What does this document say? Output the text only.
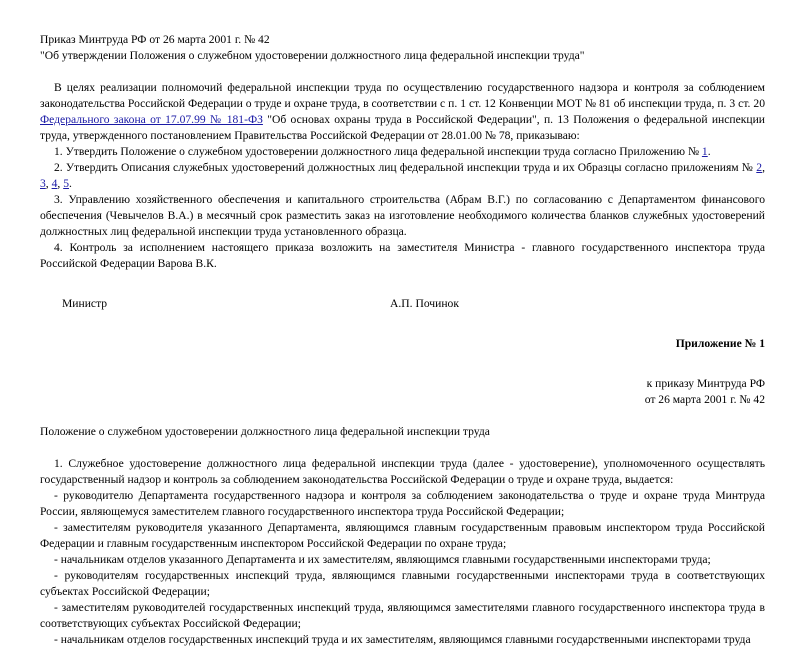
Приказ Минтруда РФ от 26 марта 2001 г. № 42

"Об утверждении Положения о служебном удостоверении должностного лица федеральной инспекции труда"

В целях реализации полномочий федеральной инспекции труда по осуществлению государственного надзора и контроля за соблюдением законодательства Российской Федерации о труде и охране труда, в соответствии с п. 1 ст. 12 Конвенции МОТ № 81 об инспекции труда, п. 3 ст. 20 Федерального закона от 17.07.99 № 181-ФЗ "Об основах охраны труда в Российской Федерации", п. 13 Положения о федеральной инспекции труда, утвержденного постановлением Правительства Российской Федерации от 28.01.00 № 78, приказываю:

1. Утвердить Положение о служебном удостоверении должностного лица федеральной инспекции труда согласно Приложению № 1.

2. Утвердить Описания служебных удостоверений должностных лиц федеральной инспекции труда и их Образцы согласно приложениям № 2, 3, 4, 5.

3. Управлению хозяйственного обеспечения и капитального строительства (Абрам В.Г.) по согласованию с Департаментом финансового обеспечения (Чевычелов В.А.) в месячный срок разместить заказ на изготовление необходимого количества бланков служебных удостоверений должностных лиц федеральной инспекции труда установленного образца.

4. Контроль за исполнением настоящего приказа возложить на заместителя Министра - главного государственного инспектора труда Российской Федерации Варова В.К.

Министр	А.П. Починок

Приложение № 1

к приказу Минтруда РФ

от 26 марта 2001 г. № 42

Положение о служебном удостоверении должностного лица федеральной инспекции труда

1. Служебное удостоверение должностного лица федеральной инспекции труда (далее - удостоверение), уполномоченного осуществлять государственный надзор и контроль за соблюдением законодательства Российской Федерации о труде и охране труда, выдается:

- руководителю Департамента государственного надзора и контроля за соблюдением законодательства о труде и охране труда Минтруда России, являющемуся заместителем главного государственного инспектора труда Российской Федерации;

- заместителям руководителя указанного Департамента, являющимся главным государственным правовым инспектором труда Российской Федерации и главным государственным инспектором Российской Федерации по охране труда;

- начальникам отделов указанного Департамента и их заместителям, являющимся главными государственными инспекторами труда;

- руководителям государственных инспекций труда, являющимся главными государственными инспекторами труда в соответствующих субъектах Российской Федерации;

- заместителям руководителей государственных инспекций труда, являющимся заместителями главного государственного инспектора труда в соответствующих субъектах Российской Федерации;

- начальникам отделов государственных инспекций труда и их заместителям, являющимся главными государственными инспекторами труда
